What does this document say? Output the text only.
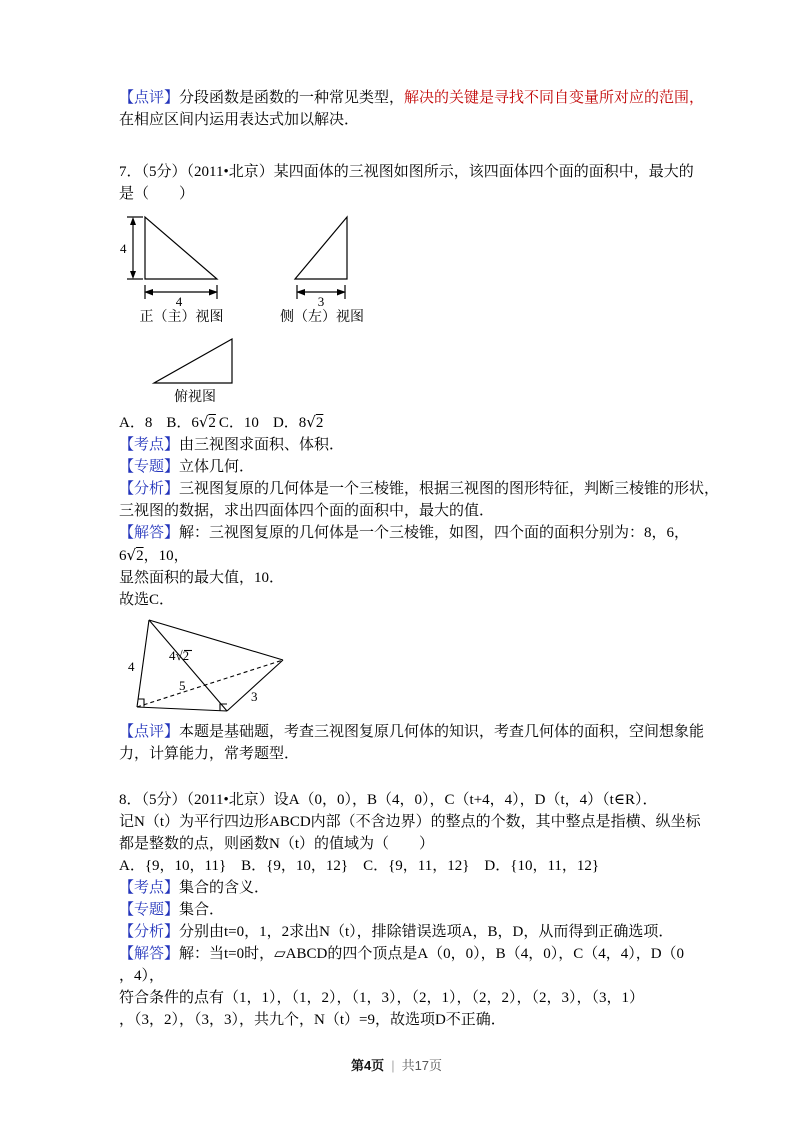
【点评】分段函数是函数的一种常见类型，解决的关键是寻找不同自变量所对应的范围，
在相应区间内运用表达式加以解决．
7．（5分）（2011•北京）某四面体的三视图如图所示，该四面体四个面的面积中，最大的
是（　　）
4
4
正（主）视图
3
侧（左）视图
俯视图
A．8 B．6√2 C．10 D．8√2
【考点】由三视图求面积、体积．
【专题】立体几何．
【分析】三视图复原的几何体是一个三棱锥，根据三视图的图形特征，判断三棱锥的形状，
三视图的数据，求出四面体四个面的面积中，最大的值．
【解答】解：三视图复原的几何体是一个三棱锥，如图，四个面的面积分别为：8，6，
6√2，10，
显然面积的最大值，10．
故选C．
4
4√2
5
3
【点评】本题是基础题，考查三视图复原几何体的知识，考查几何体的面积，空间想象能
力，计算能力，常考题型．
8．（5分）（2011•北京）设A（0，0），B（4，0），C（t+4，4），D（t，4）（t∈R）．
记N（t）为平行四边形ABCD内部（不含边界）的整点的个数，其中整点是指横、纵坐标
都是整数的点，则函数N（t）的值域为（　　）
A．{9，10，11}　B．{9，10，12}　C．{9，11，12}　D．{10，11，12}
【考点】集合的含义．
【专题】集合．
【分析】分别由t=0，1，2求出N（t），排除错误选项A，B，D，从而得到正确选项．
【解答】解：当t=0时，▱ABCD的四个顶点是A（0，0），B（4，0），C（4，4），D（0
，4），
符合条件的点有（1，1），（1，2），（1，3），（2，1），（2，2），（2，3），（3，1）
，（3，2），（3，3），共九个，N（t）=9，故选项D不正确．
第4页 | 共17页
